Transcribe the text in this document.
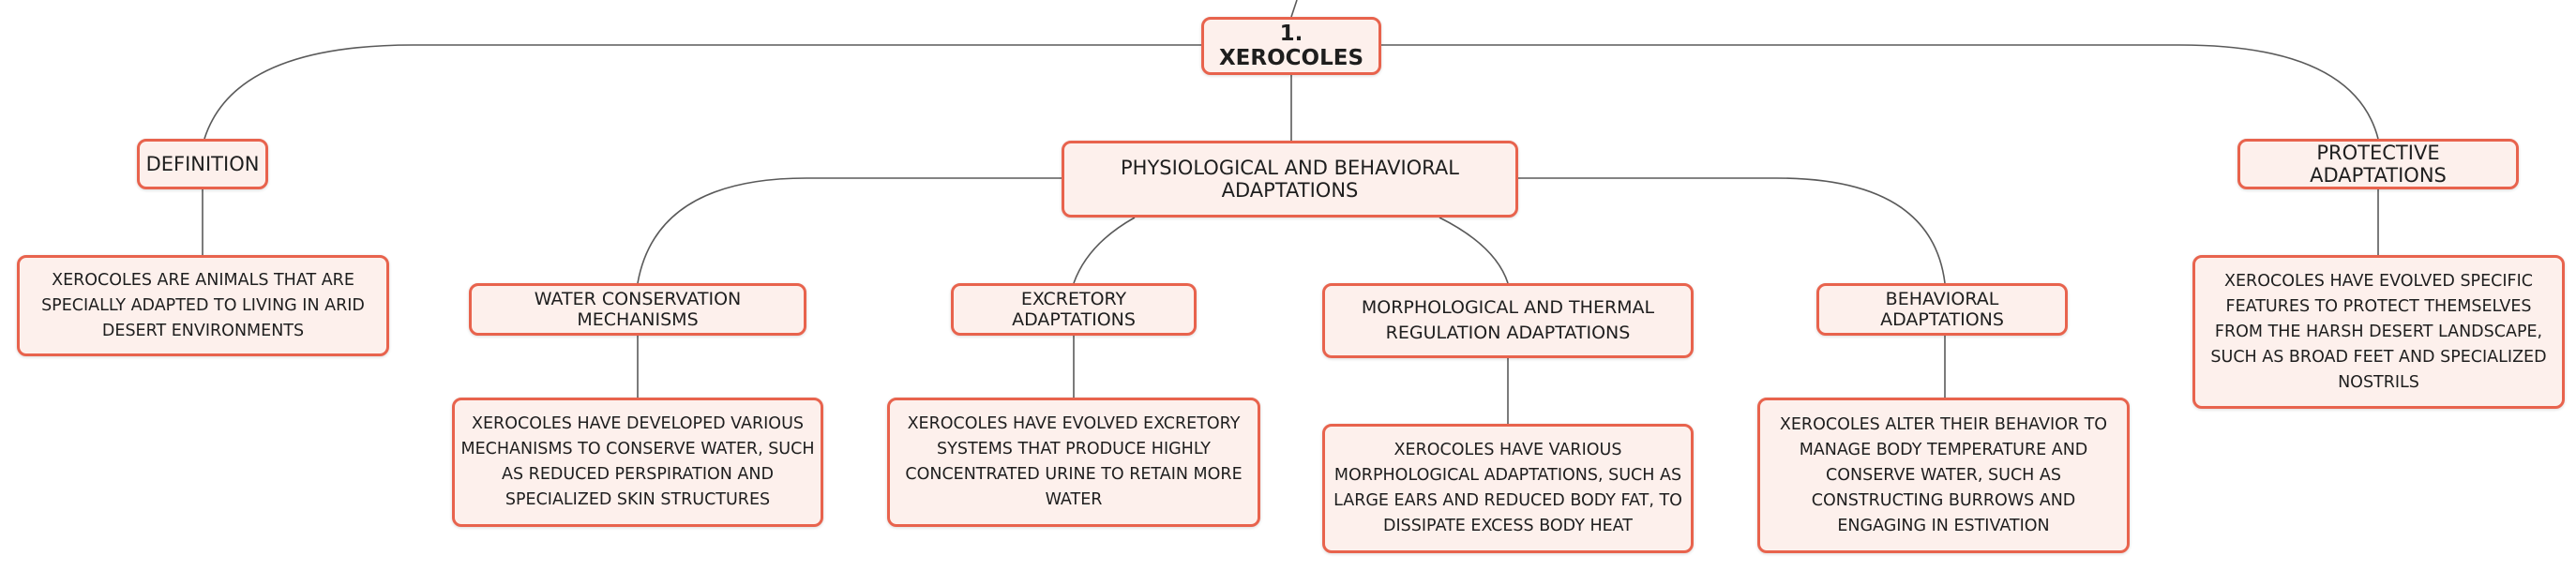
1. XEROCOLES
DEFINITION
XEROCOLES ARE ANIMALS THAT ARE SPECIALLY ADAPTED TO LIVING IN ARID DESERT ENVIRONMENTS
PHYSIOLOGICAL AND BEHAVIORAL ADAPTATIONS
WATER CONSERVATION MECHANISMS
XEROCOLES HAVE DEVELOPED VARIOUS MECHANISMS TO CONSERVE WATER, SUCH AS REDUCED PERSPIRATION AND SPECIALIZED SKIN STRUCTURES
EXCRETORY ADAPTATIONS
XEROCOLES HAVE EVOLVED EXCRETORY SYSTEMS THAT PRODUCE HIGHLY CONCENTRATED URINE TO RETAIN MORE WATER
MORPHOLOGICAL AND THERMAL REGULATION ADAPTATIONS
XEROCOLES HAVE VARIOUS MORPHOLOGICAL ADAPTATIONS, SUCH AS LARGE EARS AND REDUCED BODY FAT, TO DISSIPATE EXCESS BODY HEAT
BEHAVIORAL ADAPTATIONS
XEROCOLES ALTER THEIR BEHAVIOR TO MANAGE BODY TEMPERATURE AND CONSERVE WATER, SUCH AS CONSTRUCTING BURROWS AND ENGAGING IN ESTIVATION
PROTECTIVE ADAPTATIONS
XEROCOLES HAVE EVOLVED SPECIFIC FEATURES TO PROTECT THEMSELVES FROM THE HARSH DESERT LANDSCAPE, SUCH AS BROAD FEET AND SPECIALIZED NOSTRILS
